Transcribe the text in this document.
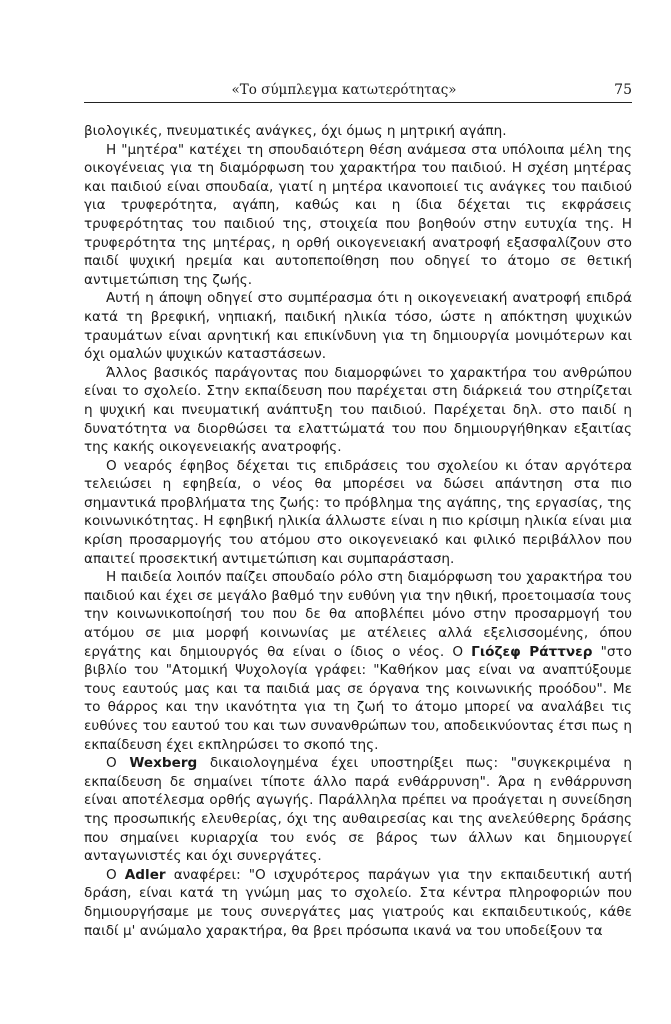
«Το σύμπλεγμα κατωτερότητας»	75

βιολογικές, πνευματικές ανάγκες, όχι όμως η μητρική αγάπη.

Η "μητέρα" κατέχει τη σπουδαιότερη θέση ανάμεσα στα υπόλοιπα μέλη της οικογένειας για τη διαμόρφωση του χαρακτήρα του παιδιού. Η σχέση μητέρας και παιδιού είναι σπουδαία, γιατί η μητέρα ικανοποιεί τις ανάγκες του παιδιού για τρυφερότητα, αγάπη, καθώς και η ίδια δέχεται τις εκφράσεις τρυφερότητας του παιδιού της, στοιχεία που βοηθούν στην ευτυχία της. Η τρυφερότητα της μητέρας, η ορθή οικογενειακή ανατροφή εξασφαλίζουν στο παιδί ψυχική ηρεμία και αυτοπεποίθηση που οδηγεί το άτομο σε θετική αντιμετώπιση της ζωής.

Αυτή η άποψη οδηγεί στο συμπέρασμα ότι η οικογενειακή ανατροφή επιδρά κατά τη βρεφική, νηπιακή, παιδική ηλικία τόσο, ώστε η απόκτηση ψυχικών τραυμάτων είναι αρνητική και επικίνδυνη για τη δημιουργία μονιμότερων και όχι ομαλών ψυχικών καταστάσεων.

Άλλος βασικός παράγοντας που διαμορφώνει το χαρακτήρα του ανθρώπου είναι το σχολείο. Στην εκπαίδευση που παρέχεται στη διάρκειά του στηρίζεται η ψυχική και πνευματική ανάπτυξη του παιδιού. Παρέχεται δηλ. στο παιδί η δυνατότητα να διορθώσει τα ελαττώματά του που δημιουργήθηκαν εξαιτίας της κακής οικογενειακής ανατροφής.

Ο νεαρός έφηβος δέχεται τις επιδράσεις του σχολείου κι όταν αργότερα τελειώσει η εφηβεία, ο νέος θα μπορέσει να δώσει απάντηση στα πιο σημαντικά προβλήματα της ζωής: το πρόβλημα της αγάπης, της εργασίας, της κοινωνικότητας. Η εφηβική ηλικία άλλωστε είναι η πιο κρίσιμη ηλικία είναι μια κρίση προσαρμογής του ατόμου στο οικογενειακό και φιλικό περιβάλλον που απαιτεί προσεκτική αντιμετώπιση και συμπαράσταση.

Η παιδεία λοιπόν παίζει σπουδαίο ρόλο στη διαμόρφωση του χαρακτήρα του παιδιού και έχει σε μεγάλο βαθμό την ευθύνη για την ηθική, προετοιμασία τους την κοινωνικοποίησή του που δε θα αποβλέπει μόνο στην προσαρμογή του ατόμου σε μια μορφή κοινωνίας με ατέλειες αλλά εξελισσομένης, όπου εργάτης και δημιουργός θα είναι ο ίδιος ο νέος. Ο Γιόζεφ Ράττνερ "στο βιβλίο του "Ατομική Ψυχολογία γράφει: "Καθήκον μας είναι να αναπτύξουμε τους εαυτούς μας και τα παιδιά μας σε όργανα της κοινωνικής προόδου". Με το θάρρος και την ικανότητα για τη ζωή το άτομο μπορεί να αναλάβει τις ευθύνες του εαυτού του και των συνανθρώπων του, αποδεικνύοντας έτσι πως η εκπαίδευση έχει εκπληρώσει το σκοπό της.

Ο Wexberg δικαιολογημένα έχει υποστηρίξει πως: "συγκεκριμένα η εκπαίδευση δε σημαίνει τίποτε άλλο παρά ενθάρρυνση". Άρα η ενθάρρυνση είναι αποτέλεσμα ορθής αγωγής. Παράλληλα πρέπει να προάγεται η συνείδηση της προσωπικής ελευθερίας, όχι της αυθαιρεσίας και της ανελεύθερης δράσης που σημαίνει κυριαρχία του ενός σε βάρος των άλλων και δημιουργεί ανταγωνιστές και όχι συνεργάτες.

Ο Adler αναφέρει: "Ο ισχυρότερος παράγων για την εκπαιδευτική αυτή δράση, είναι κατά τη γνώμη μας το σχολείο. Στα κέντρα πληροφοριών που δημιουργήσαμε με τους συνεργάτες μας γιατρούς και εκπαιδευτικούς, κάθε παιδί μ' ανώμαλο χαρακτήρα, θα βρει πρόσωπα ικανά να του υποδείξουν τα
